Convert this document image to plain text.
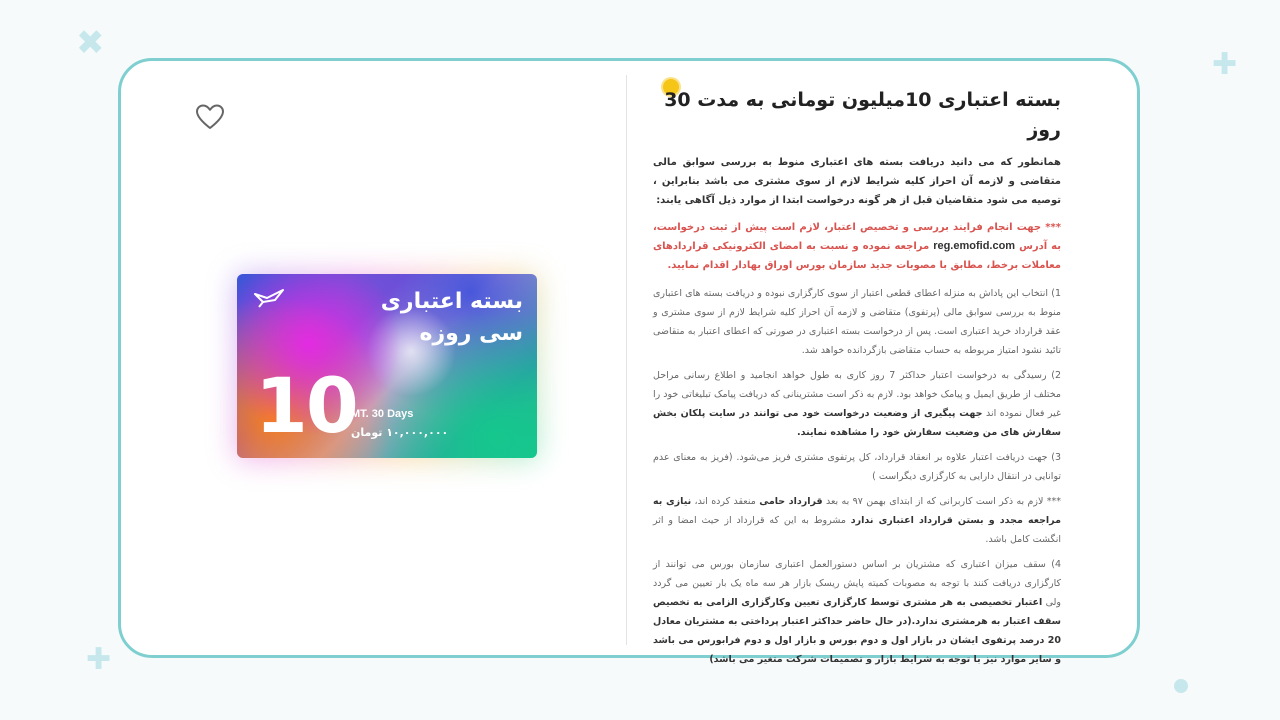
✖
✚
✚
بسته اعتباری
سی روزه
10
MT. 30 Days
۱۰,۰۰۰,۰۰۰ تومان
بسته اعتباری 10میلیون تومانی به مدت 30 روز

همانطور که می دانید دریافت بسته های اعتباری منوط به بررسی سوابق مالی متقاضی و لازمه آن احراز کلیه شرایط لازم از سوی مشتری می باشد بنابراین ، توصیه می شود متقاضیان قبل از هر گونه درخواست ابتدا از موارد ذیل آگاهی یابند:

*** جهت انجام فرایند بررسی و تخصیص اعتبار، لازم است پیش از ثبت درخواست، به آدرس reg.emofid.com مراجعه نموده و نسبت به امضای الکترونیکی قراردادهای معاملات برخط، مطابق با مصوبات جدید سازمان بورس اوراق بهادار اقدام نمایید.

1) انتخاب این پاداش به منزله اعطای قطعی اعتبار از سوی کارگزاری نبوده و دریافت بسته های اعتباری منوط به بررسی سوابق مالی (پرتفوی) متقاضی و لازمه آن احراز کلیه شرایط لازم از سوی مشتری و عقد قرارداد خرید اعتباری است. پس از درخواست بسته اعتباری در صورتی که اعطای اعتبار به متقاضی تائید نشود امتیاز مربوطه به حساب متقاضی بازگردانده خواهد شد.

2) رسیدگی به درخواست اعتبار حداکثر 7 روز کاری به طول خواهد انجامید و اطلاع رسانی مراحل مختلف از طریق ایمیل و پیامک خواهد بود. لازم به ذکر است مشترینانی که دریافت پیامک تبلیغاتی خود را غیر فعال نموده اند جهت پیگیری از وضعیت درخواست خود می توانند در سایت پلکان بخش سفارش های من وضعیت سفارش خود را مشاهده نمایند.

3) جهت دریافت اعتبار علاوه بر انعقاد قرارداد، کل پرتفوی مشتری فریز می‌شود. (فریز به معنای عدم توانایی در انتقال دارایی به کارگزاری دیگراست )

*** لازم به ذکر است کاربرانی که از ابتدای بهمن ۹۷ به بعد قرارداد حامی منعقد کرده اند، نیازی به مراجعه مجدد و بستن قرارداد اعتباری ندارد مشروط به این که قرارداد از حیث امضا و اثر انگشت کامل باشد.

4) سقف میزان اعتباری که مشتریان بر اساس دستورالعمل اعتباری سازمان بورس می توانند از کارگزاری دریافت کنند با توجه به مصوبات کمیته پایش ریسک بازار هر سه ماه یک بار تعیین می گردد ولی اعتبار تخصیصی به هر مشتری توسط کارگزاری تعیین وکارگزاری الزامی به تخصیص سقف اعتبار به هرمشتری ندارد.(در حال حاضر حداکثر اعتبار پرداختی به مشتریان معادل 20 درصد پرتفوی ایشان در بازار اول و دوم بورس و بازار اول و دوم فرابورس می باشد و سایر موارد نیز با توجه به شرایط بازار و تصمیمات شرکت متغیر می باشد)
